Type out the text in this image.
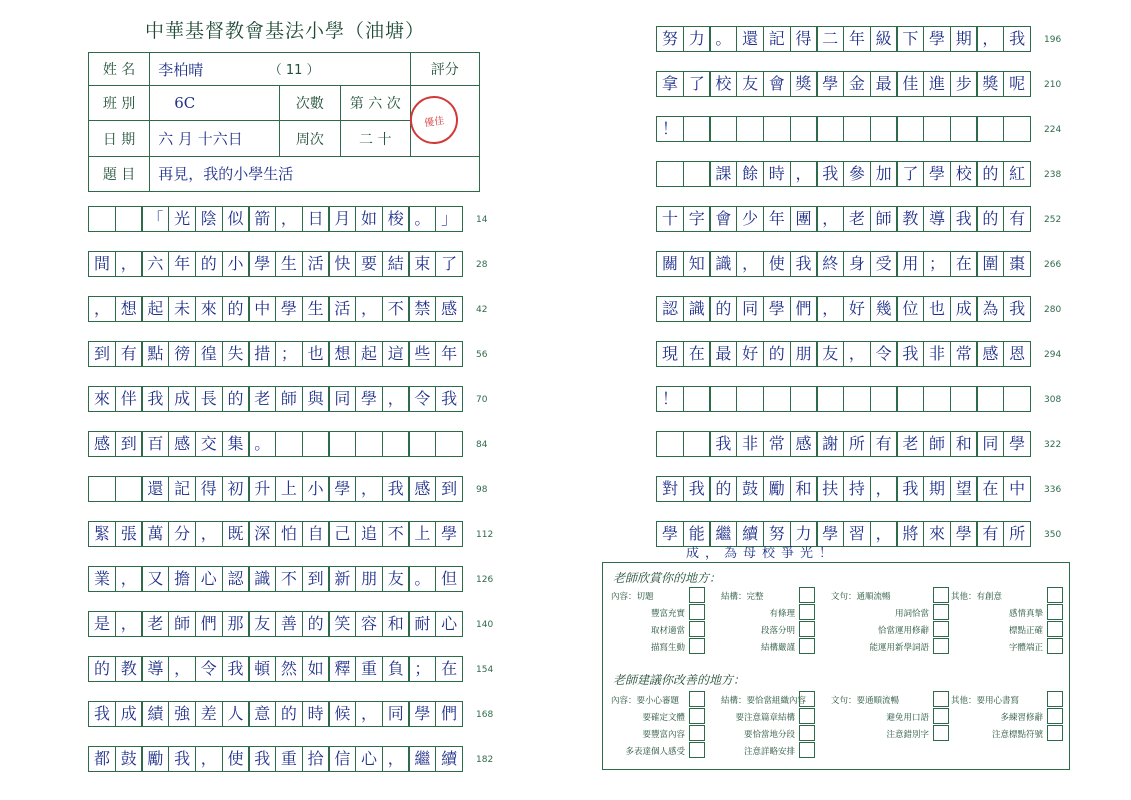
中華基督教會基法小學（油塘）
姓 名	李柏晴 （ 11 ）			評分
班 別	6C	次數	第 六 次	
日 期	六 月 十六日	周次	二 十	
題 目	再見，我的小學生活			
優佳
「 光 陰 似 箭 ， 日 月 如 梭 。 」	14
間 ， 六 年 的 小 學 生 活 快 要 結 束 了	28
， 想 起 未 來 的 中 學 生 活 ， 不 禁 感	42
到 有 點 徬 徨 失 措 ； 也 想 起 這 些 年	56
來 伴 我 成 長 的 老 師 與 同 學 ， 令 我	70
感 到 百 感 交 集 。	84
還 記 得 初 升 上 小 學 ， 我 感 到	98
緊 張 萬 分 ， 既 深 怕 自 己 追 不 上 學	112
業 ， 又 擔 心 認 識 不 到 新 朋 友 。 但	126
是 ， 老 師 們 那 友 善 的 笑 容 和 耐 心	140
的 教 導 ， 令 我 頓 然 如 釋 重 負 ； 在	154
我 成 績 強 差 人 意 的 時 候 ， 同 學 們	168
都 鼓 勵 我 ， 使 我 重 拾 信 心 ， 繼 續	182
努 力 。 還 記 得 二 年 級 下 學 期 ， 我	196
拿 了 校 友 會 獎 學 金 最 佳 進 步 獎 呢	210
！	224
課 餘 時 ， 我 參 加 了 學 校 的 紅	238
十 字 會 少 年 團 ， 老 師 教 導 我 的 有	252
關 知 識 ， 使 我 終 身 受 用 ； 在 圍 棗	266
認 識 的 同 學 們 ， 好 幾 位 也 成 為 我	280
現 在 最 好 的 朋 友 ， 令 我 非 常 感 恩	294
！	308
我 非 常 感 謝 所 有 老 師 和 同 學	322
對 我 的 鼓 勵 和 扶 持 ， 我 期 望 在 中	336
學 能 繼 續 努 力 學 習 ， 將 來 學 有 所	350
成，為母校爭光！
老師欣賞你的地方：
老師建議你改善的地方：
內容：切題	結構：完整	文句：通順流暢	其他：有創意
豐富充實	有條理	用詞恰當	感情真摯
取材適當	段落分明	恰當運用修辭	標點正確
描寫生動	結構嚴謹	能運用新學詞語	字體端正
內容：要小心審題	結構：要恰當組織內容	文句：要通順流暢	其他：要用心書寫
要確定文體	要注意篇章結構	避免用口語	多練習修辭
要豐富內容	要恰當地分段	注意錯別字	注意標點符號
多表達個人感受	注意詳略安排
